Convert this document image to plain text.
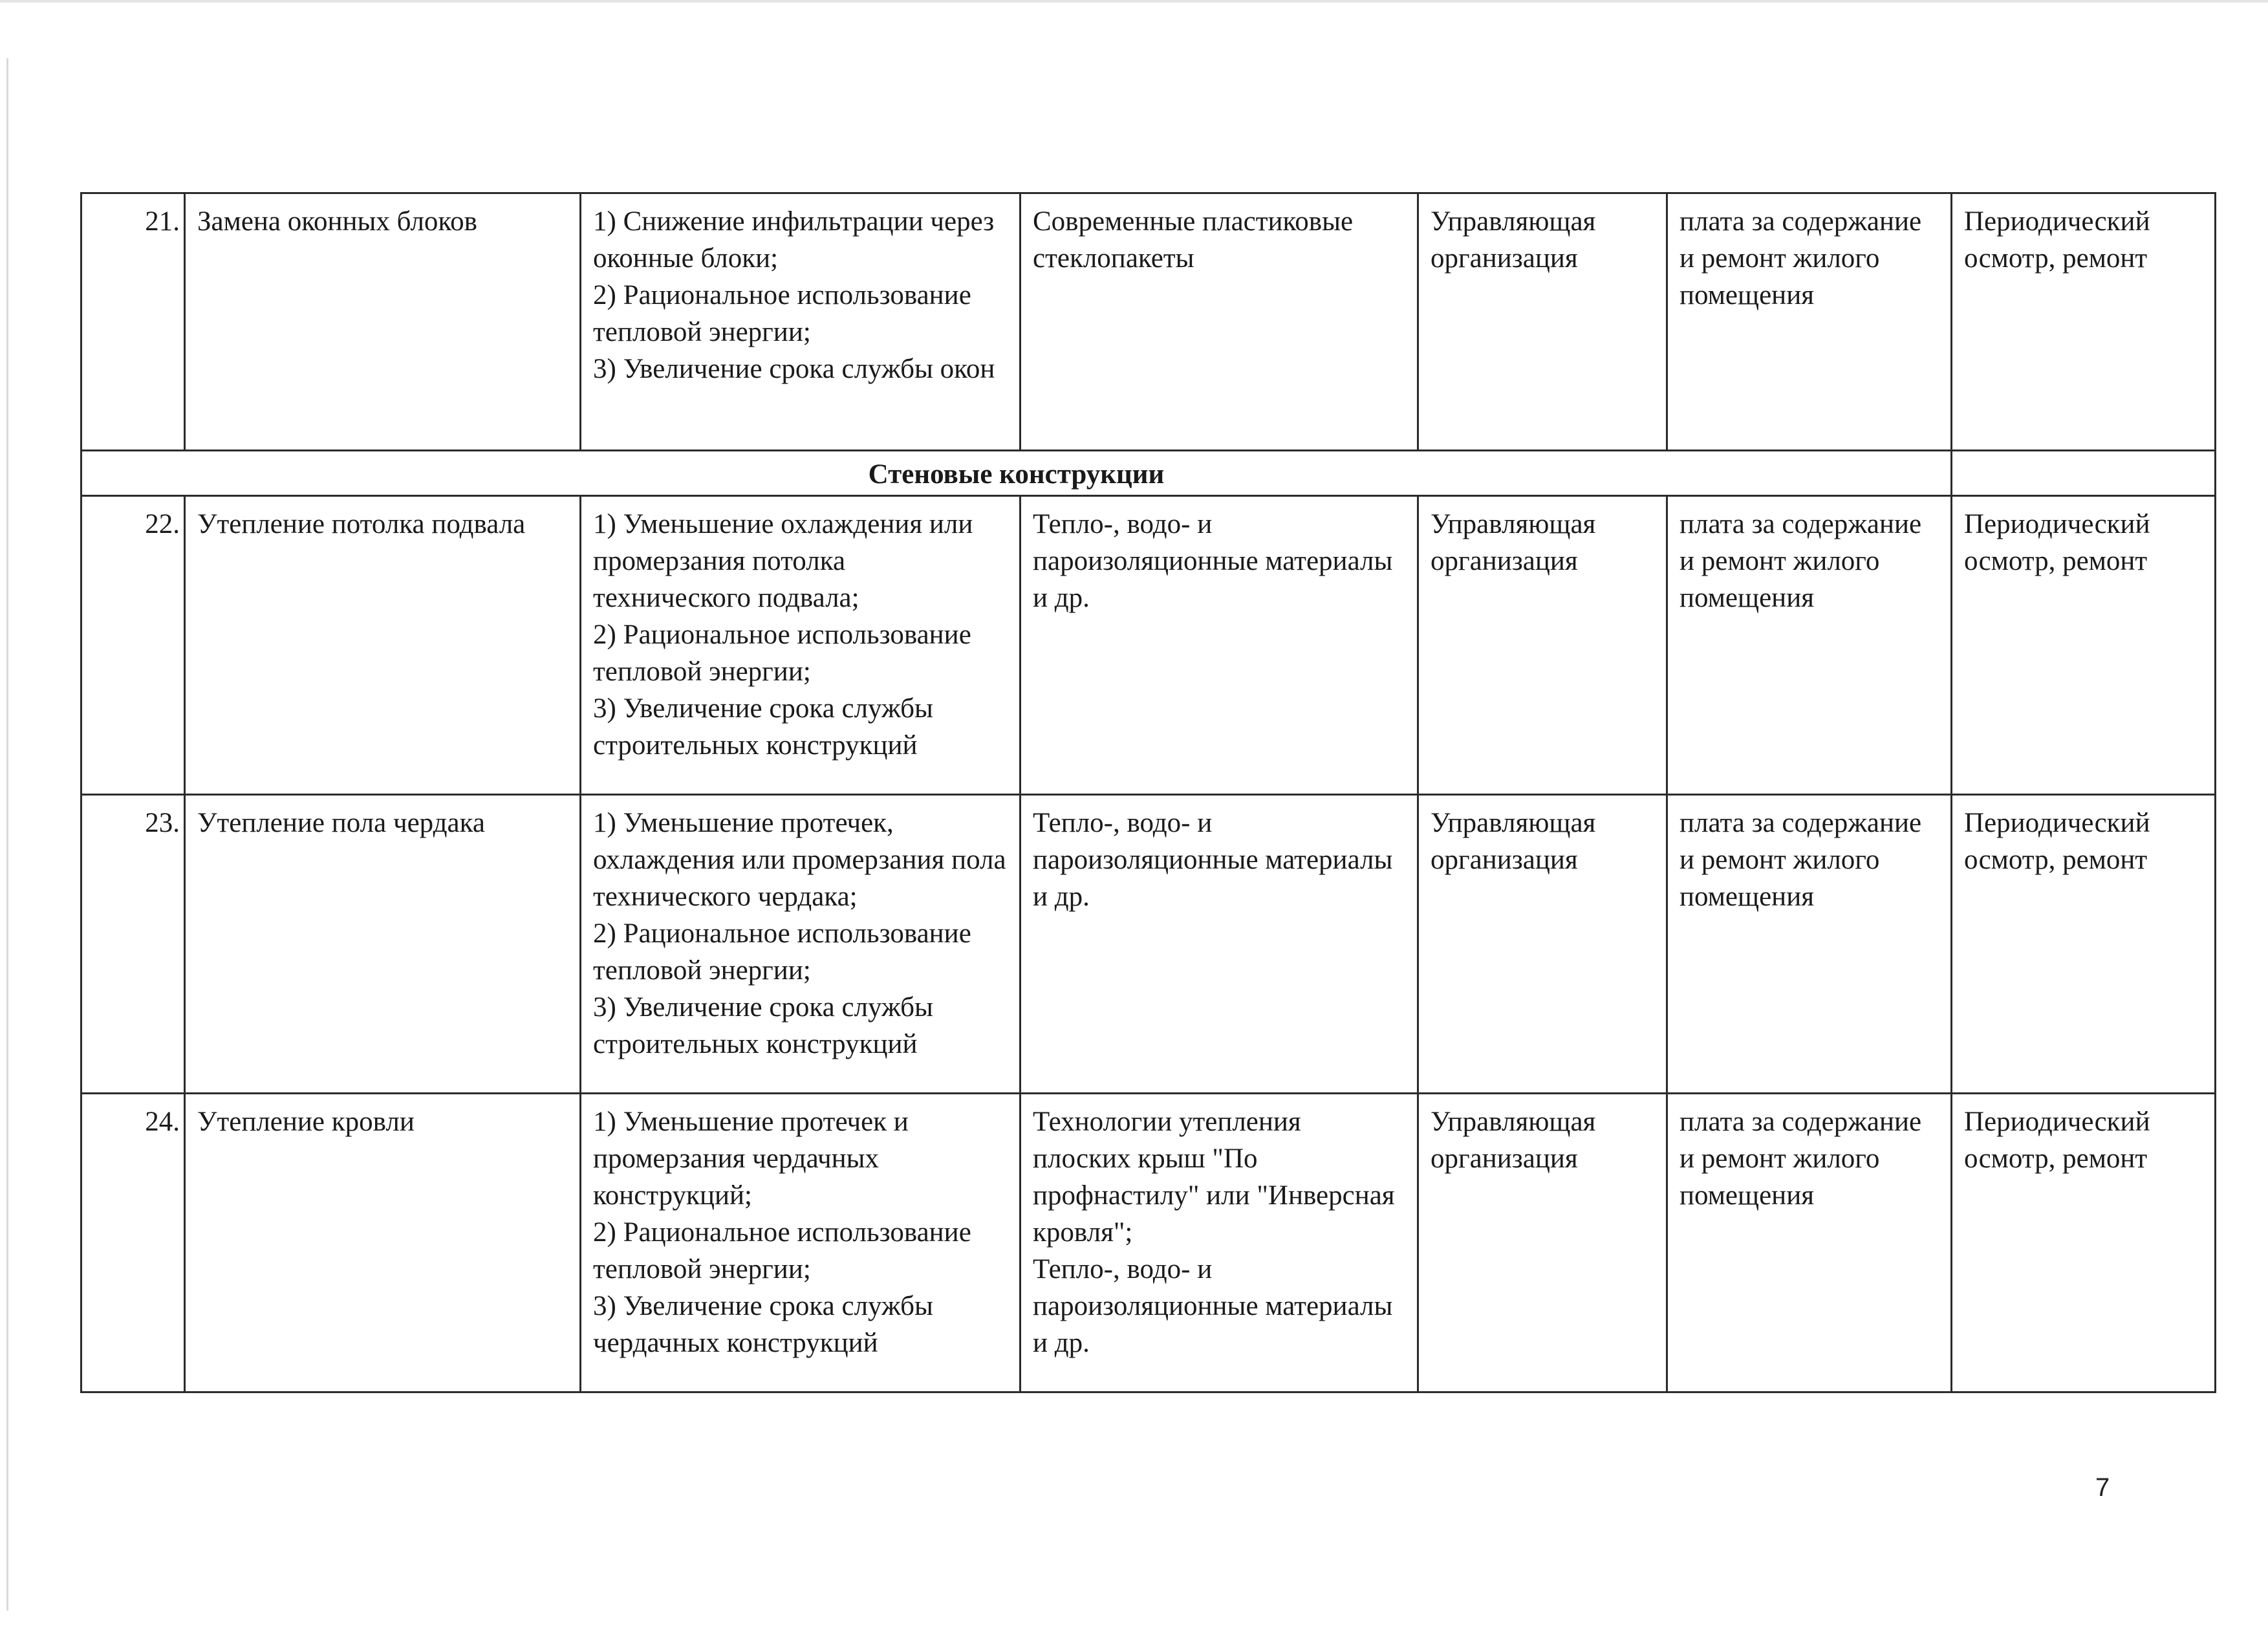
21.	Замена оконных блоков	1) Снижение инфильтрации через оконные блоки;
2) Рациональное использование тепловой энергии;
3) Увеличение срока службы окон	Современные пластиковые стеклопакеты	Управляющая организация	плата за содержание и ремонт жилого помещения	Периодический осмотр, ремонт
Стеновые конструкции						
22.	Утепление потолка подвала	1) Уменьшение охлаждения или промерзания потолка технического подвала;
2) Рациональное использование тепловой энергии;
3) Увеличение срока службы строительных конструкций	Тепло-, водо- и пароизоляционные материалы и др.	Управляющая организация	плата за содержание и ремонт жилого помещения	Периодический осмотр, ремонт
23.	Утепление пола чердака	1) Уменьшение протечек, охлаждения или промерзания пола технического чердака;
2) Рациональное использование тепловой энергии;
3) Увеличение срока службы строительных конструкций	Тепло-, водо- и пароизоляционные материалы и др.	Управляющая организация	плата за содержание и ремонт жилого помещения	Периодический осмотр, ремонт
24.	Утепление кровли	1) Уменьшение протечек и промерзания чердачных конструкций;
2) Рациональное использование тепловой энергии;
3) Увеличение срока службы чердачных конструкций	Технологии утепления плоских крыш "По профнастилу" или "Инверсная кровля";
Тепло-, водо- и пароизоляционные материалы и др.	Управляющая организация	плата за содержание и ремонт жилого помещения	Периодический осмотр, ремонт
7
